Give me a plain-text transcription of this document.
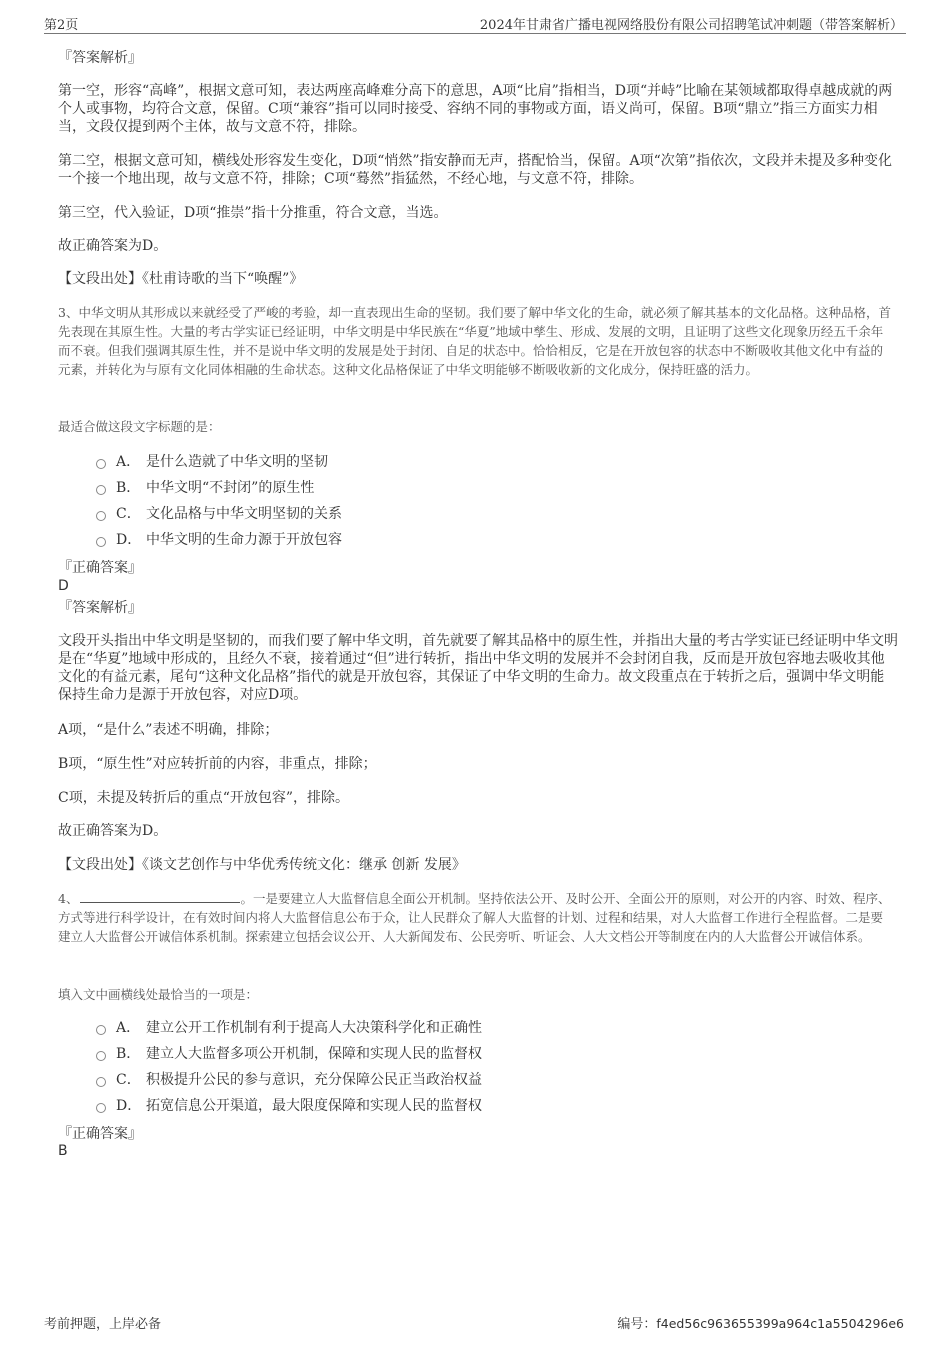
第2页	2024年甘肃省广播电视网络股份有限公司招聘笔试冲刺题（带答案解析）
『答案解析』
第一空，形容“高峰”，根据文意可知，表达两座高峰难分高下的意思，A项“比肩”指相当，D项“并峙”比喻在某领域都取得卓越成就的两个人或事物，均符合文意，保留。C项“兼容”指可以同时接受、容纳不同的事物或方面，语义尚可，保留。B项“鼎立”指三方面实力相当，文段仅提到两个主体，故与文意不符，排除。
第二空，根据文意可知，横线处形容发生变化，D项“悄然”指安静而无声，搭配恰当，保留。A项“次第”指依次，文段并未提及多种变化一个接一个地出现，故与文意不符，排除；C项“蓦然”指猛然，不经心地，与文意不符，排除。
第三空，代入验证，D项“推崇”指十分推重，符合文意，当选。
故正确答案为D。
【文段出处】《杜甫诗歌的当下“唤醒”》
3、中华文明从其形成以来就经受了严峻的考验，却一直表现出生命的坚韧。我们要了解中华文化的生命，就必须了解其基本的文化品格。这种品格，首先表现在其原生性。大量的考古学实证已经证明，中华文明是中华民族在“华夏”地域中孳生、形成、发展的文明，且证明了这些文化现象历经五千余年而不衰。但我们强调其原生性，并不是说中华文明的发展是处于封闭、自足的状态中。恰恰相反，它是在开放包容的状态中不断吸收其他文化中有益的元素，并转化为与原有文化同体相融的生命状态。这种文化品格保证了中华文明能够不断吸收新的文化成分，保持旺盛的活力。
最适合做这段文字标题的是：
A． 是什么造就了中华文明的坚韧
B． 中华文明“不封闭”的原生性
C． 文化品格与中华文明坚韧的关系
D． 中华文明的生命力源于开放包容
『正确答案』
D
『答案解析』
文段开头指出中华文明是坚韧的，而我们要了解中华文明，首先就要了解其品格中的原生性，并指出大量的考古学实证已经证明中华文明是在“华夏”地域中形成的，且经久不衰，接着通过“但”进行转折，指出中华文明的发展并不会封闭自我，反而是开放包容地去吸收其他文化的有益元素，尾句“这种文化品格”指代的就是开放包容，其保证了中华文明的生命力。故文段重点在于转折之后，强调中华文明能保持生命力是源于开放包容，对应D项。
A项，“是什么”表述不明确，排除；
B项，“原生性”对应转折前的内容，非重点，排除；
C项，未提及转折后的重点“开放包容”，排除。
故正确答案为D。
【文段出处】《谈文艺创作与中华优秀传统文化：继承 创新 发展》
4、	。一是要建立人大监督信息全面公开机制。坚持依法公开、及时公开、全面公开的原则，对公开的内容、时效、程序、方式等进行科学设计，在有效时间内将人大监督信息公布于众，让人民群众了解人大监督的计划、过程和结果，对人大监督工作进行全程监督。二是要建立人大监督公开诚信体系机制。探索建立包括会议公开、人大新闻发布、公民旁听、听证会、人大文档公开等制度在内的人大监督公开诚信体系。
填入文中画横线处最恰当的一项是：
A． 建立公开工作机制有利于提高人大决策科学化和正确性
B． 建立人大监督多项公开机制，保障和实现人民的监督权
C． 积极提升公民的参与意识，充分保障公民正当政治权益
D． 拓宽信息公开渠道，最大限度保障和实现人民的监督权
『正确答案』
B
考前押题，上岸必备	编号：f4ed56c963655399a964c1a5504296e6
